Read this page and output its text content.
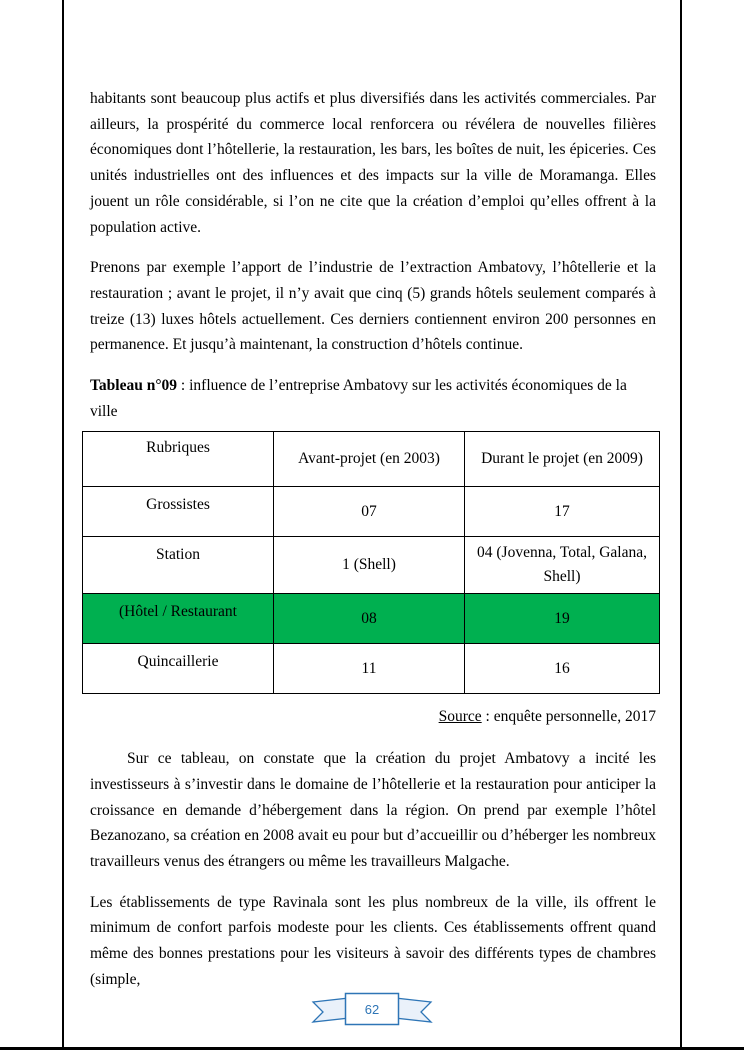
habitants sont beaucoup plus actifs et plus diversifiés dans les activités commerciales. Par ailleurs, la prospérité du commerce local renforcera ou révélera de nouvelles filières économiques dont l’hôtellerie, la restauration, les bars, les boîtes de nuit, les épiceries. Ces unités industrielles ont des influences et des impacts sur la ville de Moramanga. Elles jouent un rôle considérable, si l’on ne cite que la création d’emploi qu’elles offrent à la population active.

Prenons par exemple l’apport de l’industrie de l’extraction Ambatovy, l’hôtellerie et la restauration ; avant le projet, il n’y avait que cinq (5) grands hôtels seulement comparés à treize (13) luxes hôtels actuellement. Ces derniers contiennent environ 200 personnes en permanence. Et jusqu’à maintenant, la construction d’hôtels continue.

Tableau n°09 : influence de l’entreprise Ambatovy sur les activités économiques de la ville

Rubriques	Avant-projet (en 2003)	Durant le projet (en 2009)
Grossistes	07	17
Station	1 (Shell)	04 (Jovenna, Total, Galana, Shell)
(Hôtel / Restaurant	08	19
Quincaillerie	11	16

Source : enquête personnelle, 2017

Sur ce tableau, on constate que la création du projet Ambatovy a incité les investisseurs à s’investir dans le domaine de l’hôtellerie et la restauration pour anticiper la croissance en demande d’hébergement dans la région. On prend par exemple l’hôtel Bezanozano, sa création en 2008 avait eu pour but d’accueillir ou d’héberger les nombreux travailleurs venus des étrangers ou même les travailleurs Malgache.

Les établissements de type Ravinala sont les plus nombreux de la ville, ils offrent le minimum de confort parfois modeste pour les clients. Ces établissements offrent quand même des bonnes prestations pour les visiteurs à savoir des différents types de chambres (simple,

62
